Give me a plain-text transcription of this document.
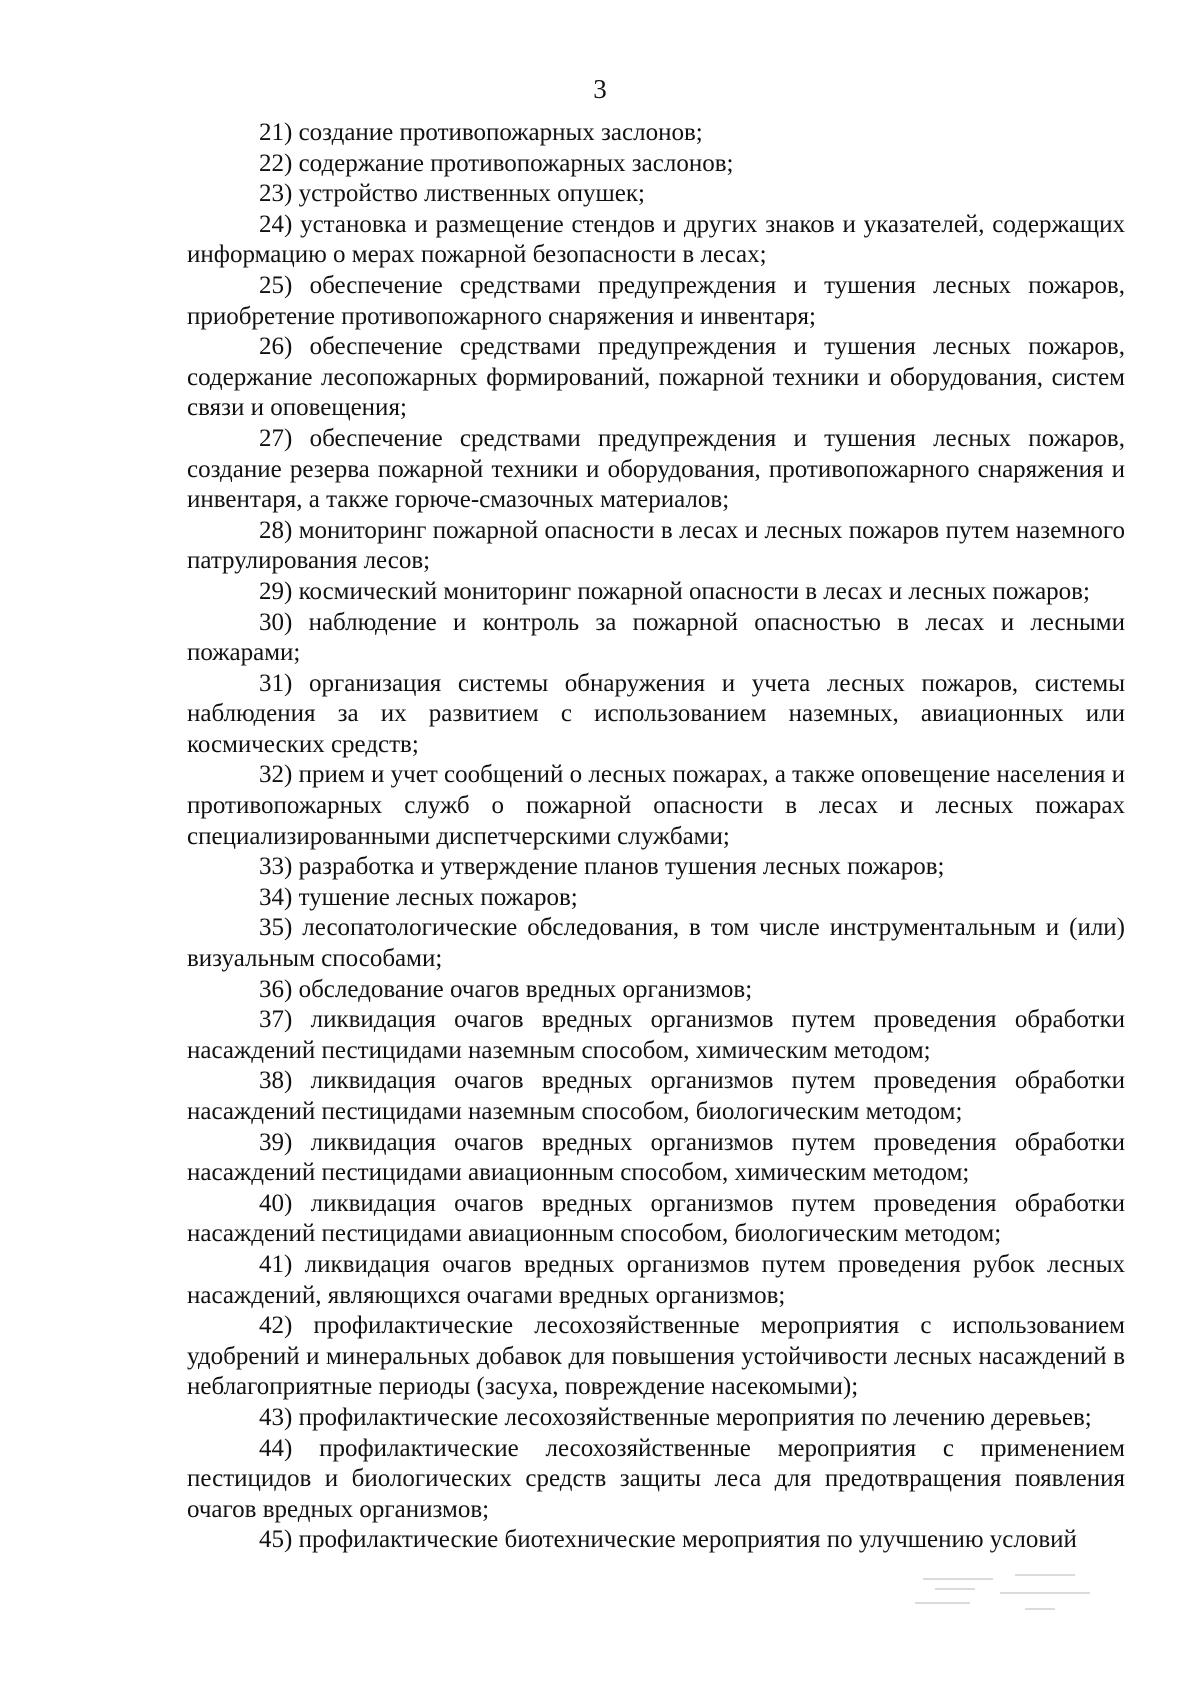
3

21) создание противопожарных заслонов;

22) содержание противопожарных заслонов;

23) устройство лиственных опушек;

24) установка и размещение стендов и других знаков и указателей, содержащих информацию о мерах пожарной безопасности в лесах;

25) обеспечение средствами предупреждения и тушения лесных пожаров, приобретение противопожарного снаряжения и инвентаря;

26) обеспечение средствами предупреждения и тушения лесных пожаров, содержание лесопожарных формирований, пожарной техники и оборудования, систем связи и оповещения;

27) обеспечение средствами предупреждения и тушения лесных пожаров, создание резерва пожарной техники и оборудования, противопожарного снаряжения и инвентаря, а также горюче-смазочных материалов;

28) мониторинг пожарной опасности в лесах и лесных пожаров путем наземного патрулирования лесов;

29) космический мониторинг пожарной опасности в лесах и лесных пожаров;

30) наблюдение и контроль за пожарной опасностью в лесах и лесными пожарами;

31) организация системы обнаружения и учета лесных пожаров, системы наблюдения за их развитием с использованием наземных, авиационных или космических средств;

32) прием и учет сообщений о лесных пожарах, а также оповещение населения и противопожарных служб о пожарной опасности в лесах и лесных пожарах специализированными диспетчерскими службами;

33) разработка и утверждение планов тушения лесных пожаров;

34) тушение лесных пожаров;

35) лесопатологические обследования, в том числе инструментальным и (или) визуальным способами;

36) обследование очагов вредных организмов;

37) ликвидация очагов вредных организмов путем проведения обработки насаждений пестицидами наземным способом, химическим методом;

38) ликвидация очагов вредных организмов путем проведения обработки насаждений пестицидами наземным способом, биологическим методом;

39) ликвидация очагов вредных организмов путем проведения обработки насаждений пестицидами авиационным способом, химическим методом;

40) ликвидация очагов вредных организмов путем проведения обработки насаждений пестицидами авиационным способом, биологическим методом;

41) ликвидация очагов вредных организмов путем проведения рубок лесных насаждений, являющихся очагами вредных организмов;

42) профилактические лесохозяйственные мероприятия с использованием удобрений и минеральных добавок для повышения устойчивости лесных насаждений в неблагоприятные периоды (засуха, повреждение насекомыми);

43) профилактические лесохозяйственные мероприятия по лечению деревьев;

44) профилактические лесохозяйственные мероприятия с применением пестицидов и биологических средств защиты леса для предотвращения появления очагов вредных организмов;

45) профилактические биотехнические мероприятия по улучшению условий
